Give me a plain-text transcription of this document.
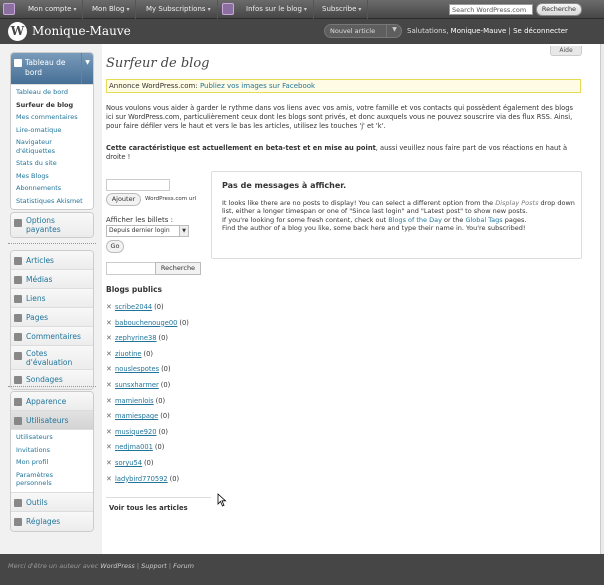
Mon compte ▾	Mon Blog ▾	My Subscriptions ▾	Infos sur le blog ▾	Subscribe ▾	Search WordPress.com	Recherche
W Monique-Mauve	Nouvel article	▼	Salutations, Monique-Mauve | Se déconnecter
Tableau de bord
▼
Tableau de bord
Surfeur de blog
Mes commentaires
Lire-omatique
Navigateur d'étiquettes
Stats du site
Mes Blogs
Abonnements
Statistiques Akismet
Options payantes
Articles
Médias
Liens
Pages
Commentaires
Cotes d'évaluation
Sondages
Apparence
Utilisateurs
Utilisateurs
Invitations
Mon profil
Paramètres personnels
Outils
Réglages
Aide
Surfeur de blog
Annonce WordPress.com: Publiez vos images sur Facebook
Nous voulons vous aider à garder le rythme dans vos liens avec vos amis, votre famille et vos contacts qui possèdent également des blogs ici sur WordPress.com, particulièrement ceux dont les blogs sont privés, et donc auxquels vous ne pouvez souscrire via des flux RSS. Ainsi, pour faire défiler vers le haut et vers le bas les articles, utilisez les touches 'j' et 'k'.
Cette caractéristique est actuellement en beta-test et en mise au point, aussi veuillez nous faire part de vos réactions en haut à droite !
Ajouter	WordPress.com url
Afficher les billets :
Depuis dernier login	▼
Go
Recherche
Blogs publics
✕ scribe2044 (0)
✕ babouchenouge00 (0)
✕ zephyrine38 (0)
✕ ziuotine (0)
✕ nouslespotes (0)
✕ sunsxharmer (0)
✕ mamienlois (0)
✕ mamiespage (0)
✕ musique920 (0)
✕ nedjma001 (0)
✕ soryu54 (0)
✕ ladybird770592 (0)
Voir tous les articles
Pas de messages à afficher.
It looks like there are no posts to display! You can select a different option from the Display Posts drop down list, either a longer timespan or one of "Since last login" and "Latest post" to show new posts.
If you're looking for some fresh content, check out Blogs of the Day or the Global Tags pages.
Find the author of a blog you like, some back here and type their name in. You're subscribed!
Merci d'être un auteur avec WordPress | Support | Forum
